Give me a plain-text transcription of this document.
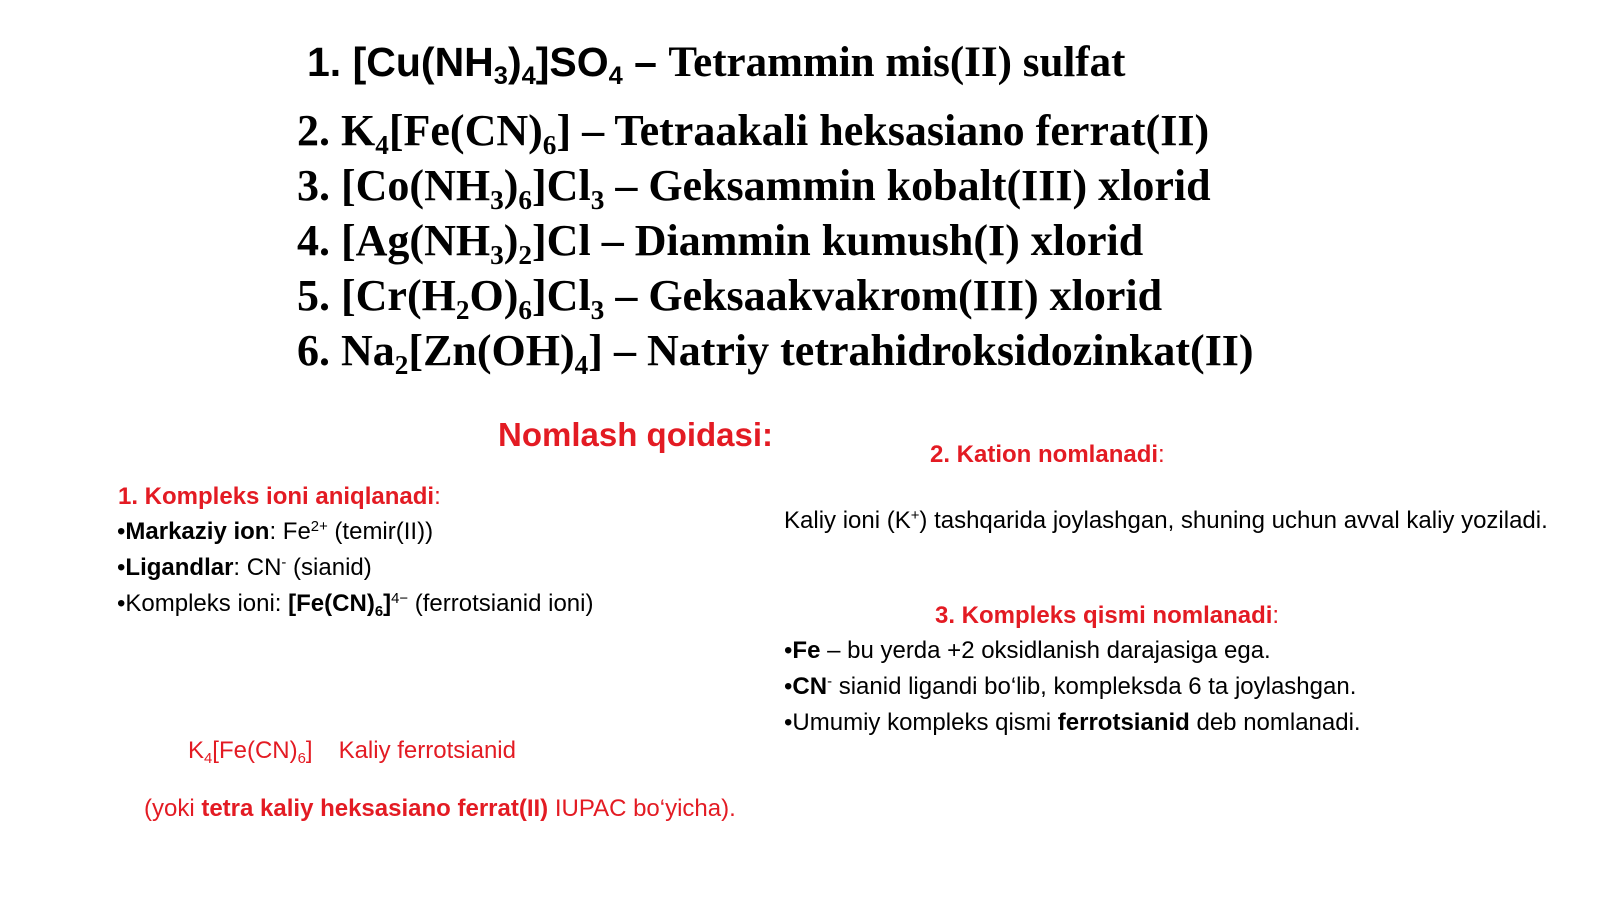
1. $[Cu(NH_3)_4]SO_4$ – Tetrammin mis(II) sulfat
2. $K_4[Fe(CN)_6]$ – Tetraakali heksasiano ferrat(II)
3. $[Co(NH_3)_6]Cl_3$ – Geksammin kobalt(III) xlorid
4. $[Ag(NH_3)_2]Cl$ – Diammin kumush(I) xlorid
5. $[Cr(H_2O)_6]Cl_3$ – Geksaakvakrom(III) xlorid
6. $Na_2[Zn(OH)_4]$ – Natriy tetrahidroksidozinkat(II)
Nomlash qoidasi:
1. Kompleks ioni aniqlanadi:
•Markaziy ion: $Fe^{2+}$ (temir(II))
•Ligandlar: CN- (sianid)
•Kompleks ioni: $[Fe(CN)_6]^{4-}$ (ferrotsianid ioni)
2. Kation nomlanadi:
Kaliy ioni (K+) tashqarida joylashgan, shuning uchun avval kaliy yoziladi.
3. Kompleks qismi nomlanadi:
•Fe – bu yerda +2 oksidlanish darajasiga ega.
•CN- sianid ligandi bo‘lib, kompleksda 6 ta joylashgan.
•Umumiy kompleks qismi ferrotsianid deb nomlanadi.
$K_4[Fe(CN)_6]$ Kaliy ferrotsianid
(yoki tetra kaliy heksasiano ferrat(II) IUPAC bo‘yicha).
